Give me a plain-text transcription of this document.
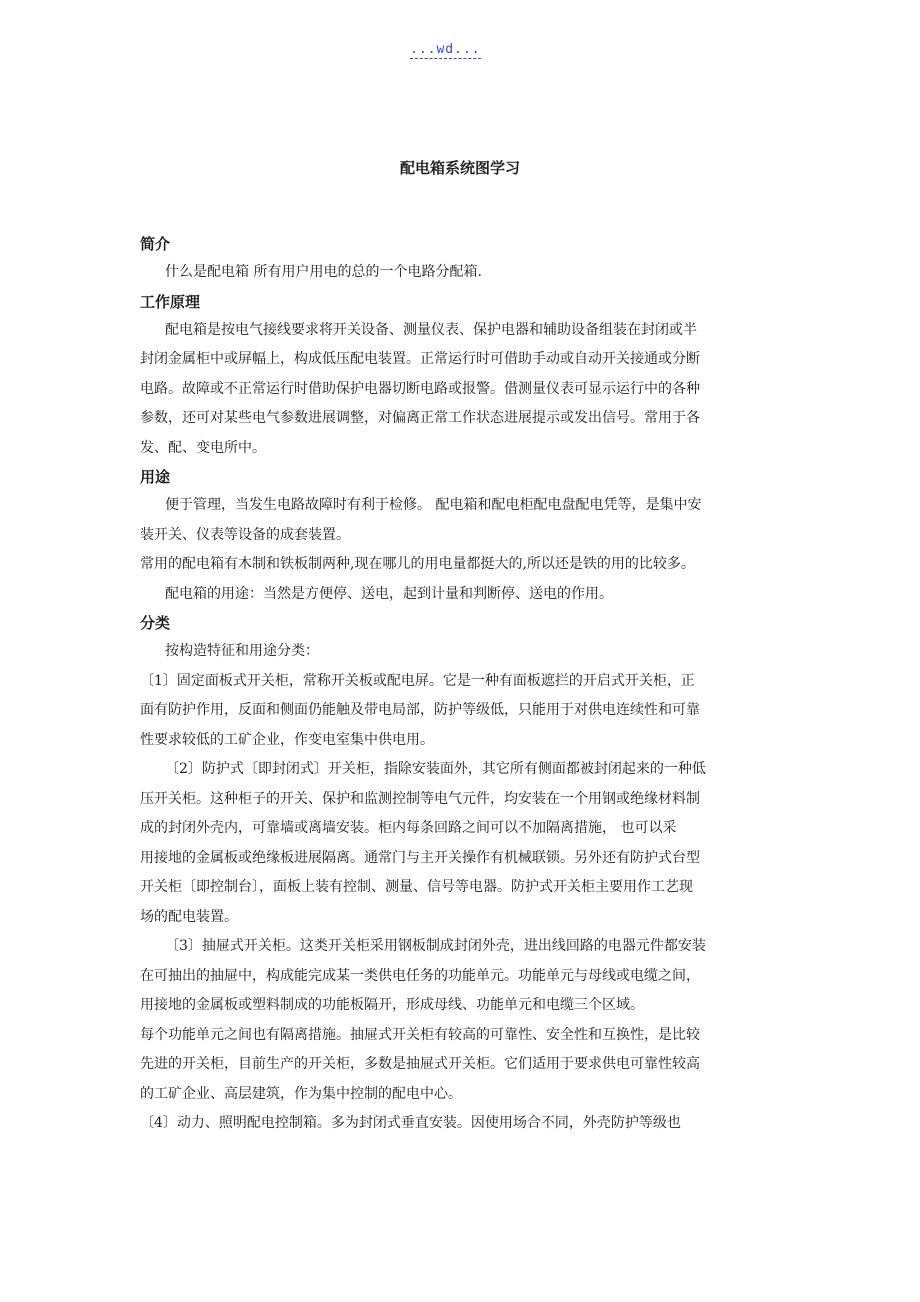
...wd...
配电箱系统图学习
简介
什么是配电箱 所有用户用电的总的一个电路分配箱.
工作原理
配电箱是按电气接线要求将开关设备、测量仪表、保护电器和辅助设备组装在封闭或半
封闭金属柜中或屏幅上，构成低压配电装置。正常运行时可借助手动或自动开关接通或分断
电路。故障或不正常运行时借助保护电器切断电路或报警。借测量仪表可显示运行中的各种
参数，还可对某些电气参数进展调整，对偏离正常工作状态进展提示或发出信号。常用于各
发、配、变电所中。
用途
便于管理，当发生电路故障时有利于检修。 配电箱和配电柜配电盘配电凭等，是集中安
装开关、仪表等设备的成套装置。
常用的配电箱有木制和铁板制两种,现在哪儿的用电量都挺大的,所以还是铁的用的比较多。
配电箱的用途：当然是方便停、送电，起到计量和判断停、送电的作用。
分类
按构造特征和用途分类：
〔1〕固定面板式开关柜，常称开关板或配电屏。它是一种有面板遮拦的开启式开关柜，正
面有防护作用，反面和侧面仍能触及带电局部，防护等级低，只能用于对供电连续性和可靠
性要求较低的工矿企业，作变电室集中供电用。
〔2〕防护式〔即封闭式〕开关柜，指除安装面外，其它所有侧面都被封闭起来的一种低
压开关柜。这种柜子的开关、保护和监测控制等电气元件，均安装在一个用钢或绝缘材料制
成的封闭外壳内，可靠墙或离墙安装。柜内每条回路之间可以不加隔离措施， 也可以采
用接地的金属板或绝缘板进展隔离。通常门与主开关操作有机械联锁。另外还有防护式台型
开关柜〔即控制台〕，面板上装有控制、测量、信号等电器。防护式开关柜主要用作工艺现
场的配电装置。
〔3〕抽屉式开关柜。这类开关柜采用钢板制成封闭外壳，进出线回路的电器元件都安装
在可抽出的抽屉中，构成能完成某一类供电任务的功能单元。功能单元与母线或电缆之间，
用接地的金属板或塑料制成的功能板隔开，形成母线、功能单元和电缆三个区域。
每个功能单元之间也有隔离措施。抽屉式开关柜有较高的可靠性、安全性和互换性，是比较
先进的开关柜，目前生产的开关柜，多数是抽屉式开关柜。它们适用于要求供电可靠性较高
的工矿企业、高层建筑，作为集中控制的配电中心。
〔4〕动力、照明配电控制箱。多为封闭式垂直安装。因使用场合不同，外壳防护等级也
